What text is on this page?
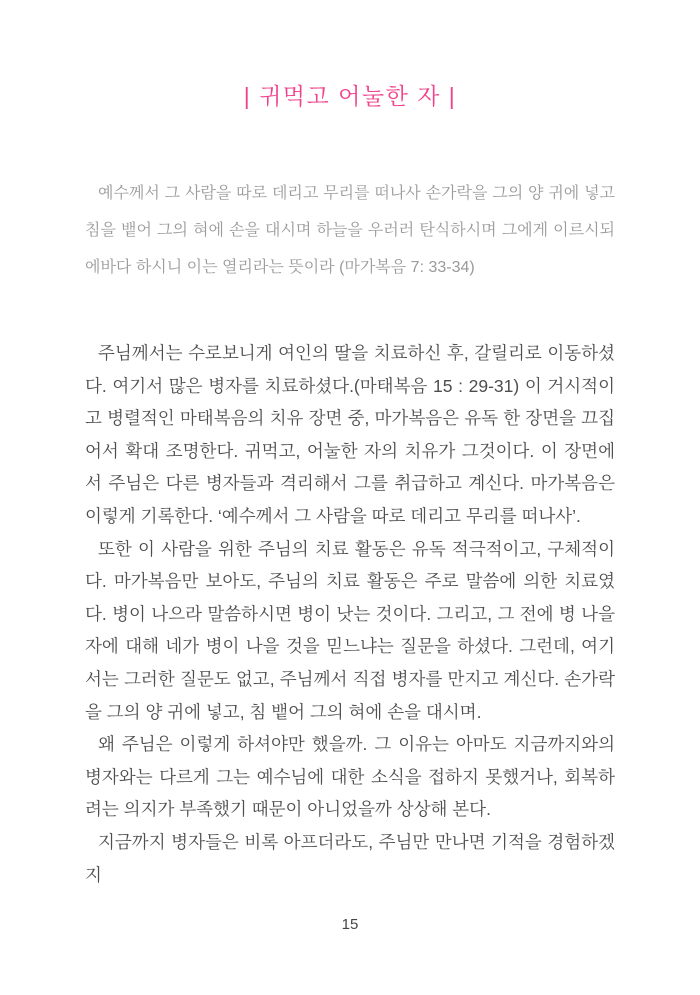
| 귀먹고 어눌한 자 |
예수께서 그 사람을 따로 데리고 무리를 떠나사 손가락을 그의 양 귀에 넣고 침을 뱉어 그의 혀에 손을 대시며 하늘을 우러러 탄식하시며 그에게 이르시되 에바다 하시니 이는 열리라는 뜻이라 (마가복음 7: 33-34)

주님께서는 수로보니게 여인의 딸을 치료하신 후, 갈릴리로 이동하셨다. 여기서 많은 병자를 치료하셨다.(마태복음 15 : 29-31) 이 거시적이고 병렬적인 마태복음의 치유 장면 중, 마가복음은 유독 한 장면을 끄집어서 확대 조명한다. 귀먹고, 어눌한 자의 치유가 그것이다. 이 장면에서 주님은 다른 병자들과 격리해서 그를 취급하고 계신다. 마가복음은 이렇게 기록한다. ‘예수께서 그 사람을 따로 데리고 무리를 떠나사’.

또한 이 사람을 위한 주님의 치료 활동은 유독 적극적이고, 구체적이다. 마가복음만 보아도, 주님의 치료 활동은 주로 말씀에 의한 치료였다. 병이 나으라 말씀하시면 병이 낫는 것이다. 그리고, 그 전에 병 나을 자에 대해 네가 병이 나을 것을 믿느냐는 질문을 하셨다. 그런데, 여기서는 그러한 질문도 없고, 주님께서 직접 병자를 만지고 계신다. 손가락을 그의 양 귀에 넣고, 침 뱉어 그의 혀에 손을 대시며.

왜 주님은 이렇게 하셔야만 했을까. 그 이유는 아마도 지금까지와의 병자와는 다르게 그는 예수님에 대한 소식을 접하지 못했거나, 회복하려는 의지가 부족했기 때문이 아니었을까 상상해 본다.

지금까지 병자들은 비록 아프더라도, 주님만 만나면 기적을 경험하겠지

15
